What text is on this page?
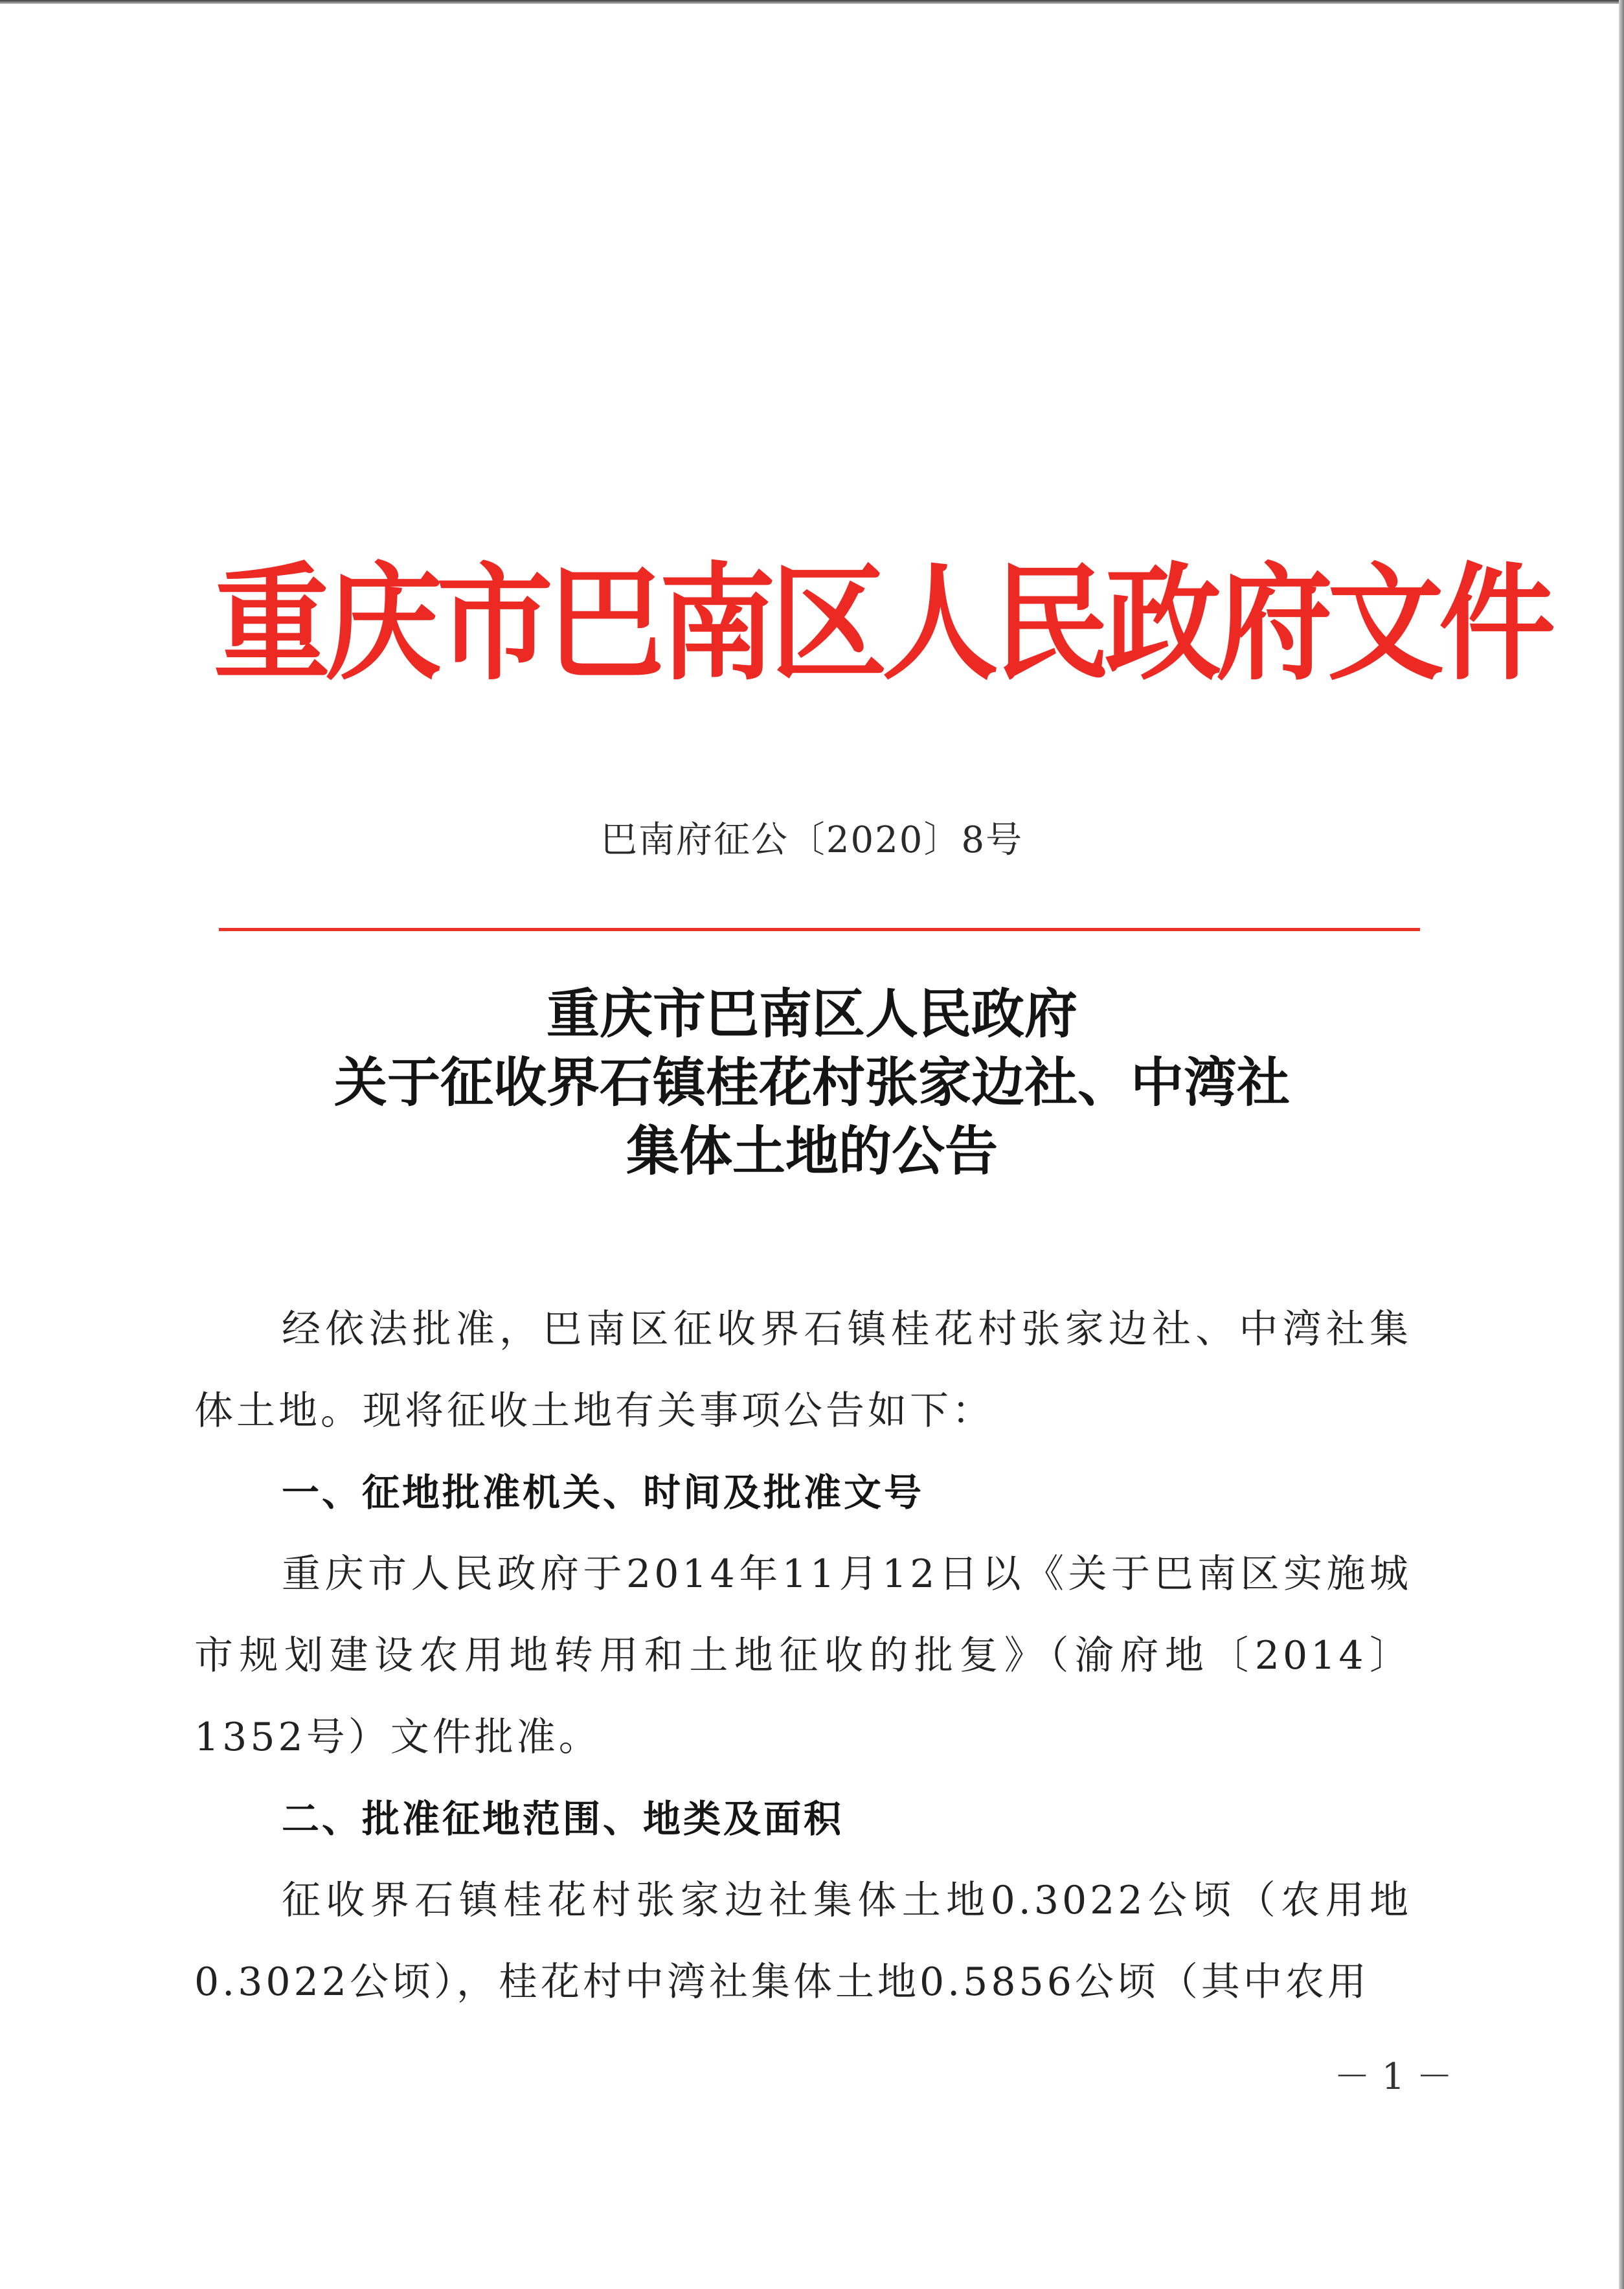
重庆市巴南区人民政府文件
巴南府征公〔2020〕8号
重庆市巴南区人民政府
关于征收界石镇桂花村张家边社、中湾社
集体土地的公告

经依法批准，巴南区征收界石镇桂花村张家边社、中湾社集体土地。现将征收土地有关事项公告如下：

一、征地批准机关、时间及批准文号

重庆市人民政府于2014年11月12日以《关于巴南区实施城市规划建设农用地转用和土地征收的批复》（渝府地〔2014〕1352号）文件批准。

二、批准征地范围、地类及面积

征收界石镇桂花村张家边社集体土地0.3022公顷（农用地0.3022公顷），桂花村中湾社集体土地0.5856公顷（其中农用

－ 1 －
